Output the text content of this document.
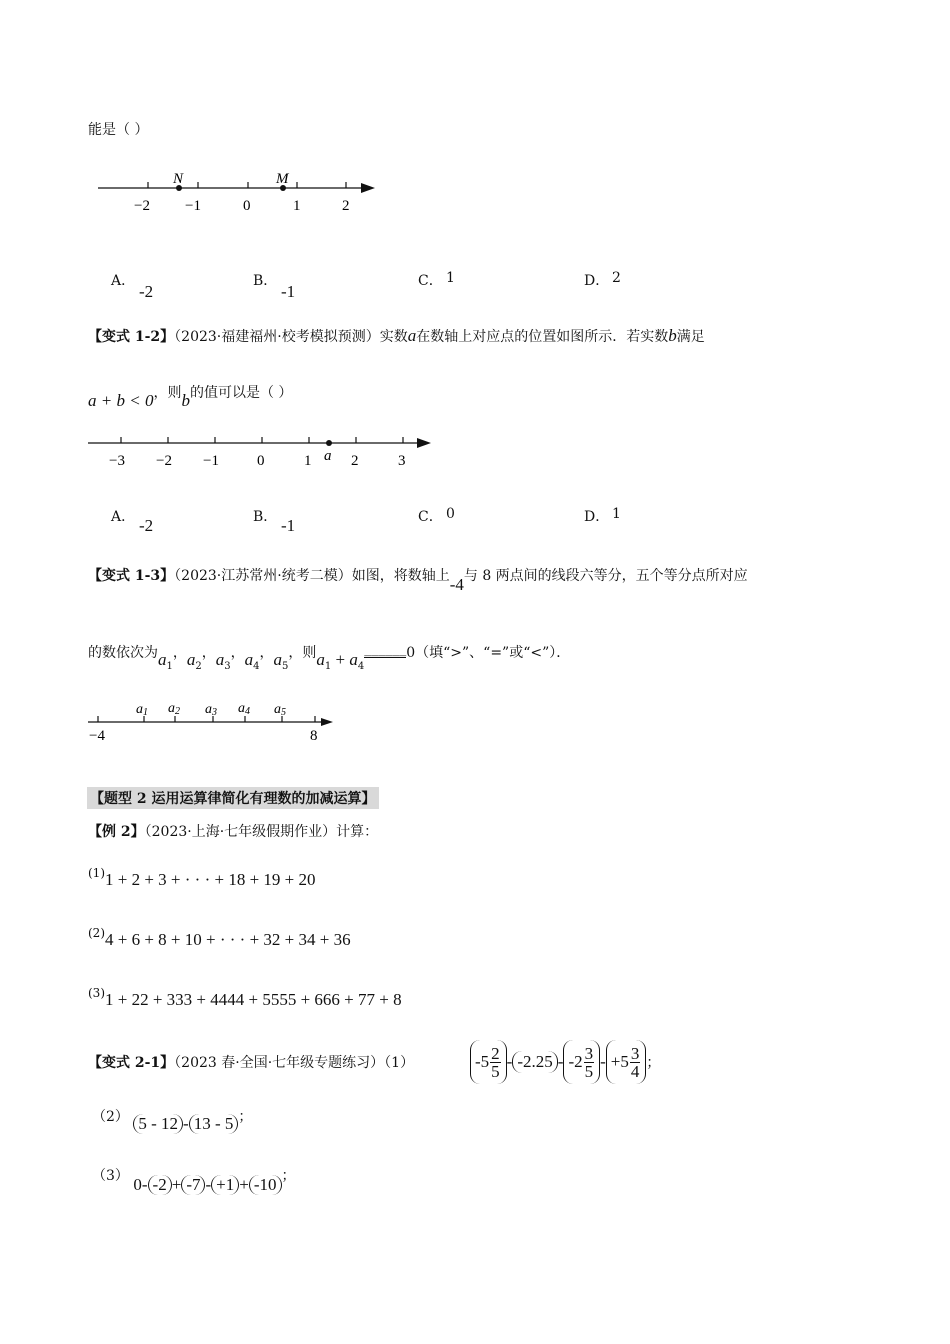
能是（ ）
N	M
−2 −1	0	1	2
A．
-2
B．
-1
C． 1	D． 2
【变式 1-2】（2023·福建福州·校考模拟预测）实数a在数轴上对应点的位置如图所示．若实数b满足
a + b < 0，则b的值可以是（ ）
−3 −2 −1	0	1 a 2	3
A． -2	B． -1	C． 0	D． 1
【变式 1-3】（2023·江苏常州·统考二模）如图，将数轴上-4与 8 两点间的线段六等分，五个等分点所对应
的数依次为$a_1$，$a_2$，$a_3$，$a_4$，$a_5$，则$a_1$ + $a_4\_\_\_\_\_\_0$（填“>”、“=”或“<”）．
a1 a2 a3 a4 a5
−4	8
【题型 2 运用运算律简化有理数的加减运算】
【例 2】（2023·上海·七年级假期作业）计算：
(1)1 + 2 + 3 + · · · + 18 + 19 + 20
(2)4 + 6 + 8 + 10 + · · · + 32 + 34 + 36
(3)1 + 22 + 333 + 4444 + 5555 + 666 + 77 + 8
【变式 2-1】（2023 春·全国·七年级专题练习）（1）	$-5 \frac{2}{5} - -2.25 - -2 \frac{3}{5} - +5 \frac{3}{4}$ ；
（2） 5 - 12 - 13 - 5 ；
（3） 0- -2 + -7 - +1 + -10 ；
